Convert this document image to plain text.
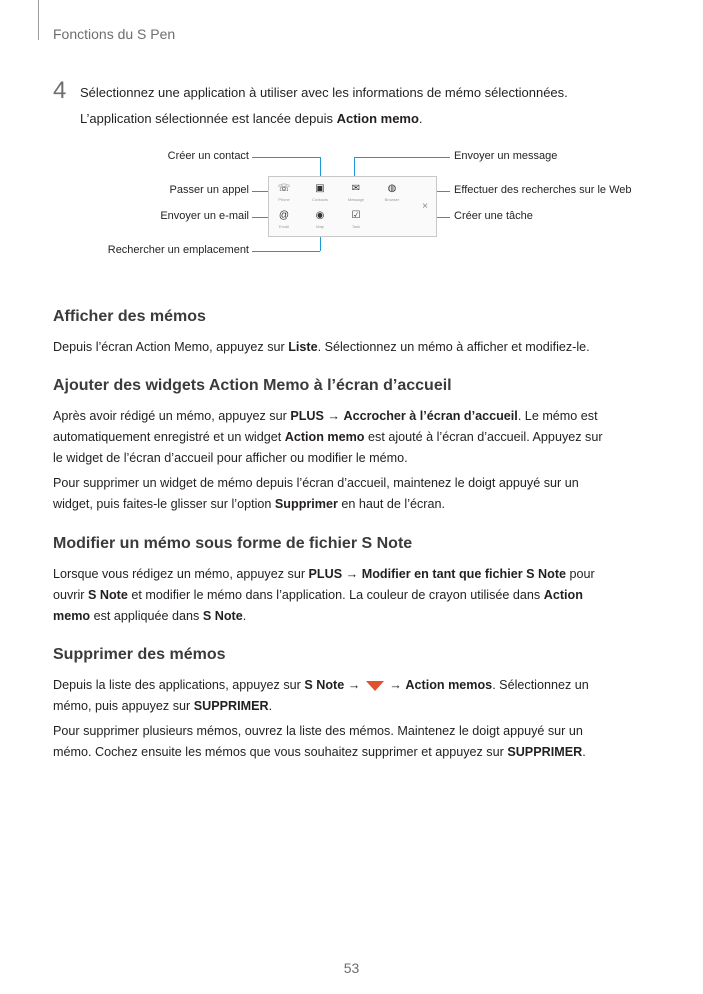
Fonctions du S Pen
4 Sélectionnez une application à utiliser avec les informations de mémo sélectionnées.
L’application sélectionnée est lancée depuis Action memo.
Créer un contact
Passer un appel
Envoyer un e-mail
Rechercher un emplacement
Envoyer un message
Effectuer des recherches sur le Web
Créer une tâche
☏
Phone
▣
Contacts
✉
Message
◍
Browser
@
Email
◉
Map
☑
Task
×
Afficher des mémos
Depuis l’écran Action Memo, appuyez sur Liste. Sélectionnez un mémo à afficher et modifiez-le.
Ajouter des widgets Action Memo à l’écran d’accueil
Après avoir rédigé un mémo, appuyez sur PLUS → Accrocher à l’écran d’accueil. Le mémo est
automatiquement enregistré et un widget Action memo est ajouté à l’écran d’accueil. Appuyez sur
le widget de l’écran d’accueil pour afficher ou modifier le mémo.
Pour supprimer un widget de mémo depuis l’écran d’accueil, maintenez le doigt appuyé sur un
widget, puis faites-le glisser sur l’option Supprimer en haut de l’écran.
Modifier un mémo sous forme de fichier S Note
Lorsque vous rédigez un mémo, appuyez sur PLUS → Modifier en tant que fichier S Note pour
ouvrir S Note et modifier le mémo dans l’application. La couleur de crayon utilisée dans Action
memo est appliquée dans S Note.
Supprimer des mémos
Depuis la liste des applications, appuyez sur S Note →  → Action memos. Sélectionnez un
mémo, puis appuyez sur SUPPRIMER.
Pour supprimer plusieurs mémos, ouvrez la liste des mémos. Maintenez le doigt appuyé sur un
mémo. Cochez ensuite les mémos que vous souhaitez supprimer et appuyez sur SUPPRIMER.
53
